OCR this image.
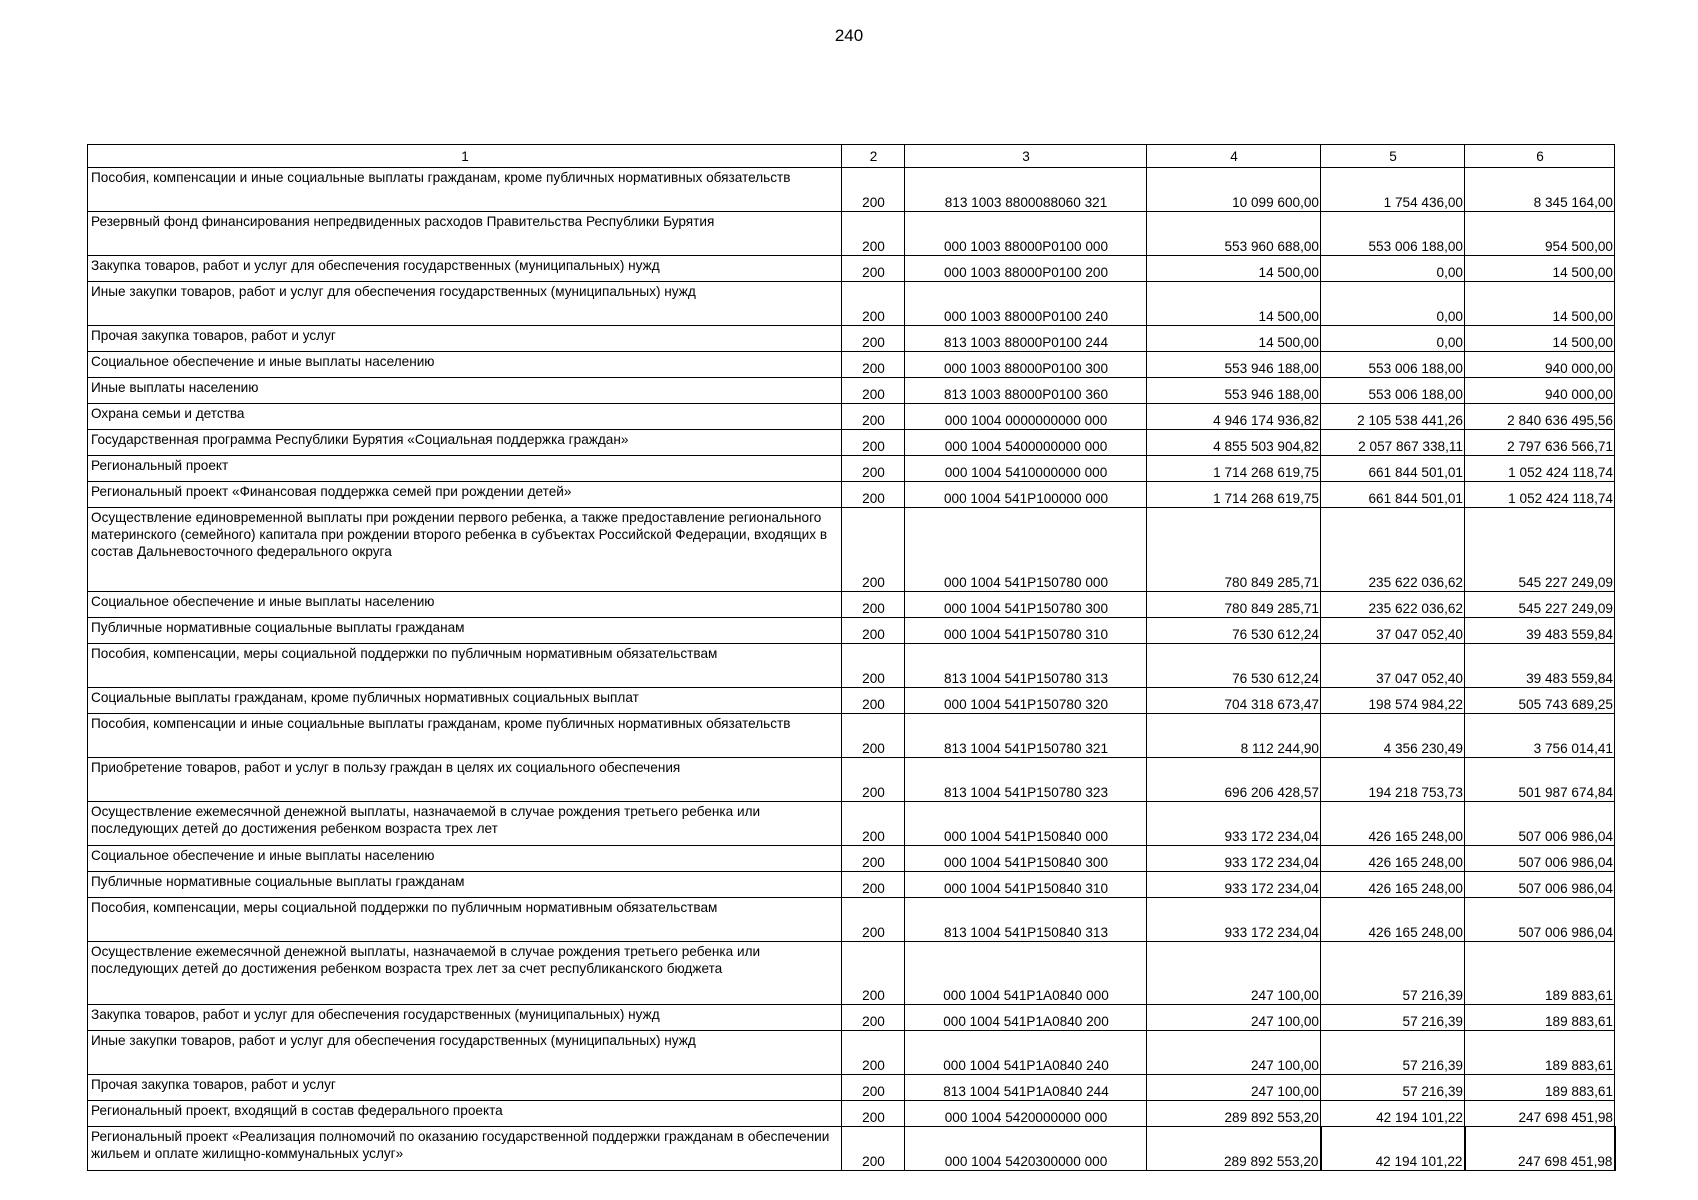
240
1	2	3	4	5	6
Пособия, компенсации и иные социальные выплаты гражданам, кроме публичных нормативных обязательств	200	813 1003 8800088060 321	10 099 600,00	1 754 436,00	8 345 164,00
Резервный фонд финансирования непредвиденных расходов Правительства Республики Бурятия	200	000 1003 88000P0100 000	553 960 688,00	553 006 188,00	954 500,00
Закупка товаров, работ и услуг для обеспечения государственных (муниципальных) нужд	200	000 1003 88000P0100 200	14 500,00	0,00	14 500,00
Иные закупки товаров, работ и услуг для обеспечения государственных (муниципальных) нужд	200	000 1003 88000P0100 240	14 500,00	0,00	14 500,00
Прочая закупка товаров, работ и услуг	200	813 1003 88000P0100 244	14 500,00	0,00	14 500,00
Социальное обеспечение и иные выплаты населению	200	000 1003 88000P0100 300	553 946 188,00	553 006 188,00	940 000,00
Иные выплаты населению	200	813 1003 88000P0100 360	553 946 188,00	553 006 188,00	940 000,00
Охрана семьи и детства	200	000 1004 0000000000 000	4 946 174 936,82	2 105 538 441,26	2 840 636 495,56
Государственная программа Республики Бурятия «Социальная поддержка граждан»	200	000 1004 5400000000 000	4 855 503 904,82	2 057 867 338,11	2 797 636 566,71
Региональный проект	200	000 1004 5410000000 000	1 714 268 619,75	661 844 501,01	1 052 424 118,74
Региональный проект «Финансовая поддержка семей при рождении детей»	200	000 1004 541P100000 000	1 714 268 619,75	661 844 501,01	1 052 424 118,74
Осуществление единовременной выплаты при рождении первого ребенка, а также предоставление регионального материнского (семейного) капитала при рождении второго ребенка в субъектах Российской Федерации, входящих в состав Дальневосточного федерального округа	200	000 1004 541P150780 000	780 849 285,71	235 622 036,62	545 227 249,09
Социальное обеспечение и иные выплаты населению	200	000 1004 541P150780 300	780 849 285,71	235 622 036,62	545 227 249,09
Публичные нормативные социальные выплаты гражданам	200	000 1004 541P150780 310	76 530 612,24	37 047 052,40	39 483 559,84
Пособия, компенсации, меры социальной поддержки по публичным нормативным обязательствам	200	813 1004 541P150780 313	76 530 612,24	37 047 052,40	39 483 559,84
Социальные выплаты гражданам, кроме публичных нормативных социальных выплат	200	000 1004 541P150780 320	704 318 673,47	198 574 984,22	505 743 689,25
Пособия, компенсации и иные социальные выплаты гражданам, кроме публичных нормативных обязательств	200	813 1004 541P150780 321	8 112 244,90	4 356 230,49	3 756 014,41
Приобретение товаров, работ и услуг в пользу граждан в целях их социального обеспечения	200	813 1004 541P150780 323	696 206 428,57	194 218 753,73	501 987 674,84
Осуществление ежемесячной денежной выплаты, назначаемой в случае рождения третьего ребенка или последующих детей до достижения ребенком возраста трех лет	200	000 1004 541P150840 000	933 172 234,04	426 165 248,00	507 006 986,04
Социальное обеспечение и иные выплаты населению	200	000 1004 541P150840 300	933 172 234,04	426 165 248,00	507 006 986,04
Публичные нормативные социальные выплаты гражданам	200	000 1004 541P150840 310	933 172 234,04	426 165 248,00	507 006 986,04
Пособия, компенсации, меры социальной поддержки по публичным нормативным обязательствам	200	813 1004 541P150840 313	933 172 234,04	426 165 248,00	507 006 986,04
Осуществление ежемесячной денежной выплаты, назначаемой в случае рождения третьего ребенка или последующих детей до достижения ребенком возраста трех лет за счет республиканского бюджета	200	000 1004 541P1A0840 000	247 100,00	57 216,39	189 883,61
Закупка товаров, работ и услуг для обеспечения государственных (муниципальных) нужд	200	000 1004 541P1A0840 200	247 100,00	57 216,39	189 883,61
Иные закупки товаров, работ и услуг для обеспечения государственных (муниципальных) нужд	200	000 1004 541P1A0840 240	247 100,00	57 216,39	189 883,61
Прочая закупка товаров, работ и услуг	200	813 1004 541P1A0840 244	247 100,00	57 216,39	189 883,61
Региональный проект, входящий в состав федерального проекта	200	000 1004 5420000000 000	289 892 553,20	42 194 101,22	247 698 451,98
Региональный проект «Реализация полномочий по оказанию государственной поддержки гражданам в обеспечении жильем и оплате жилищно-коммунальных услуг»	200	000 1004 5420300000 000	289 892 553,20	42 194 101,22	247 698 451,98
